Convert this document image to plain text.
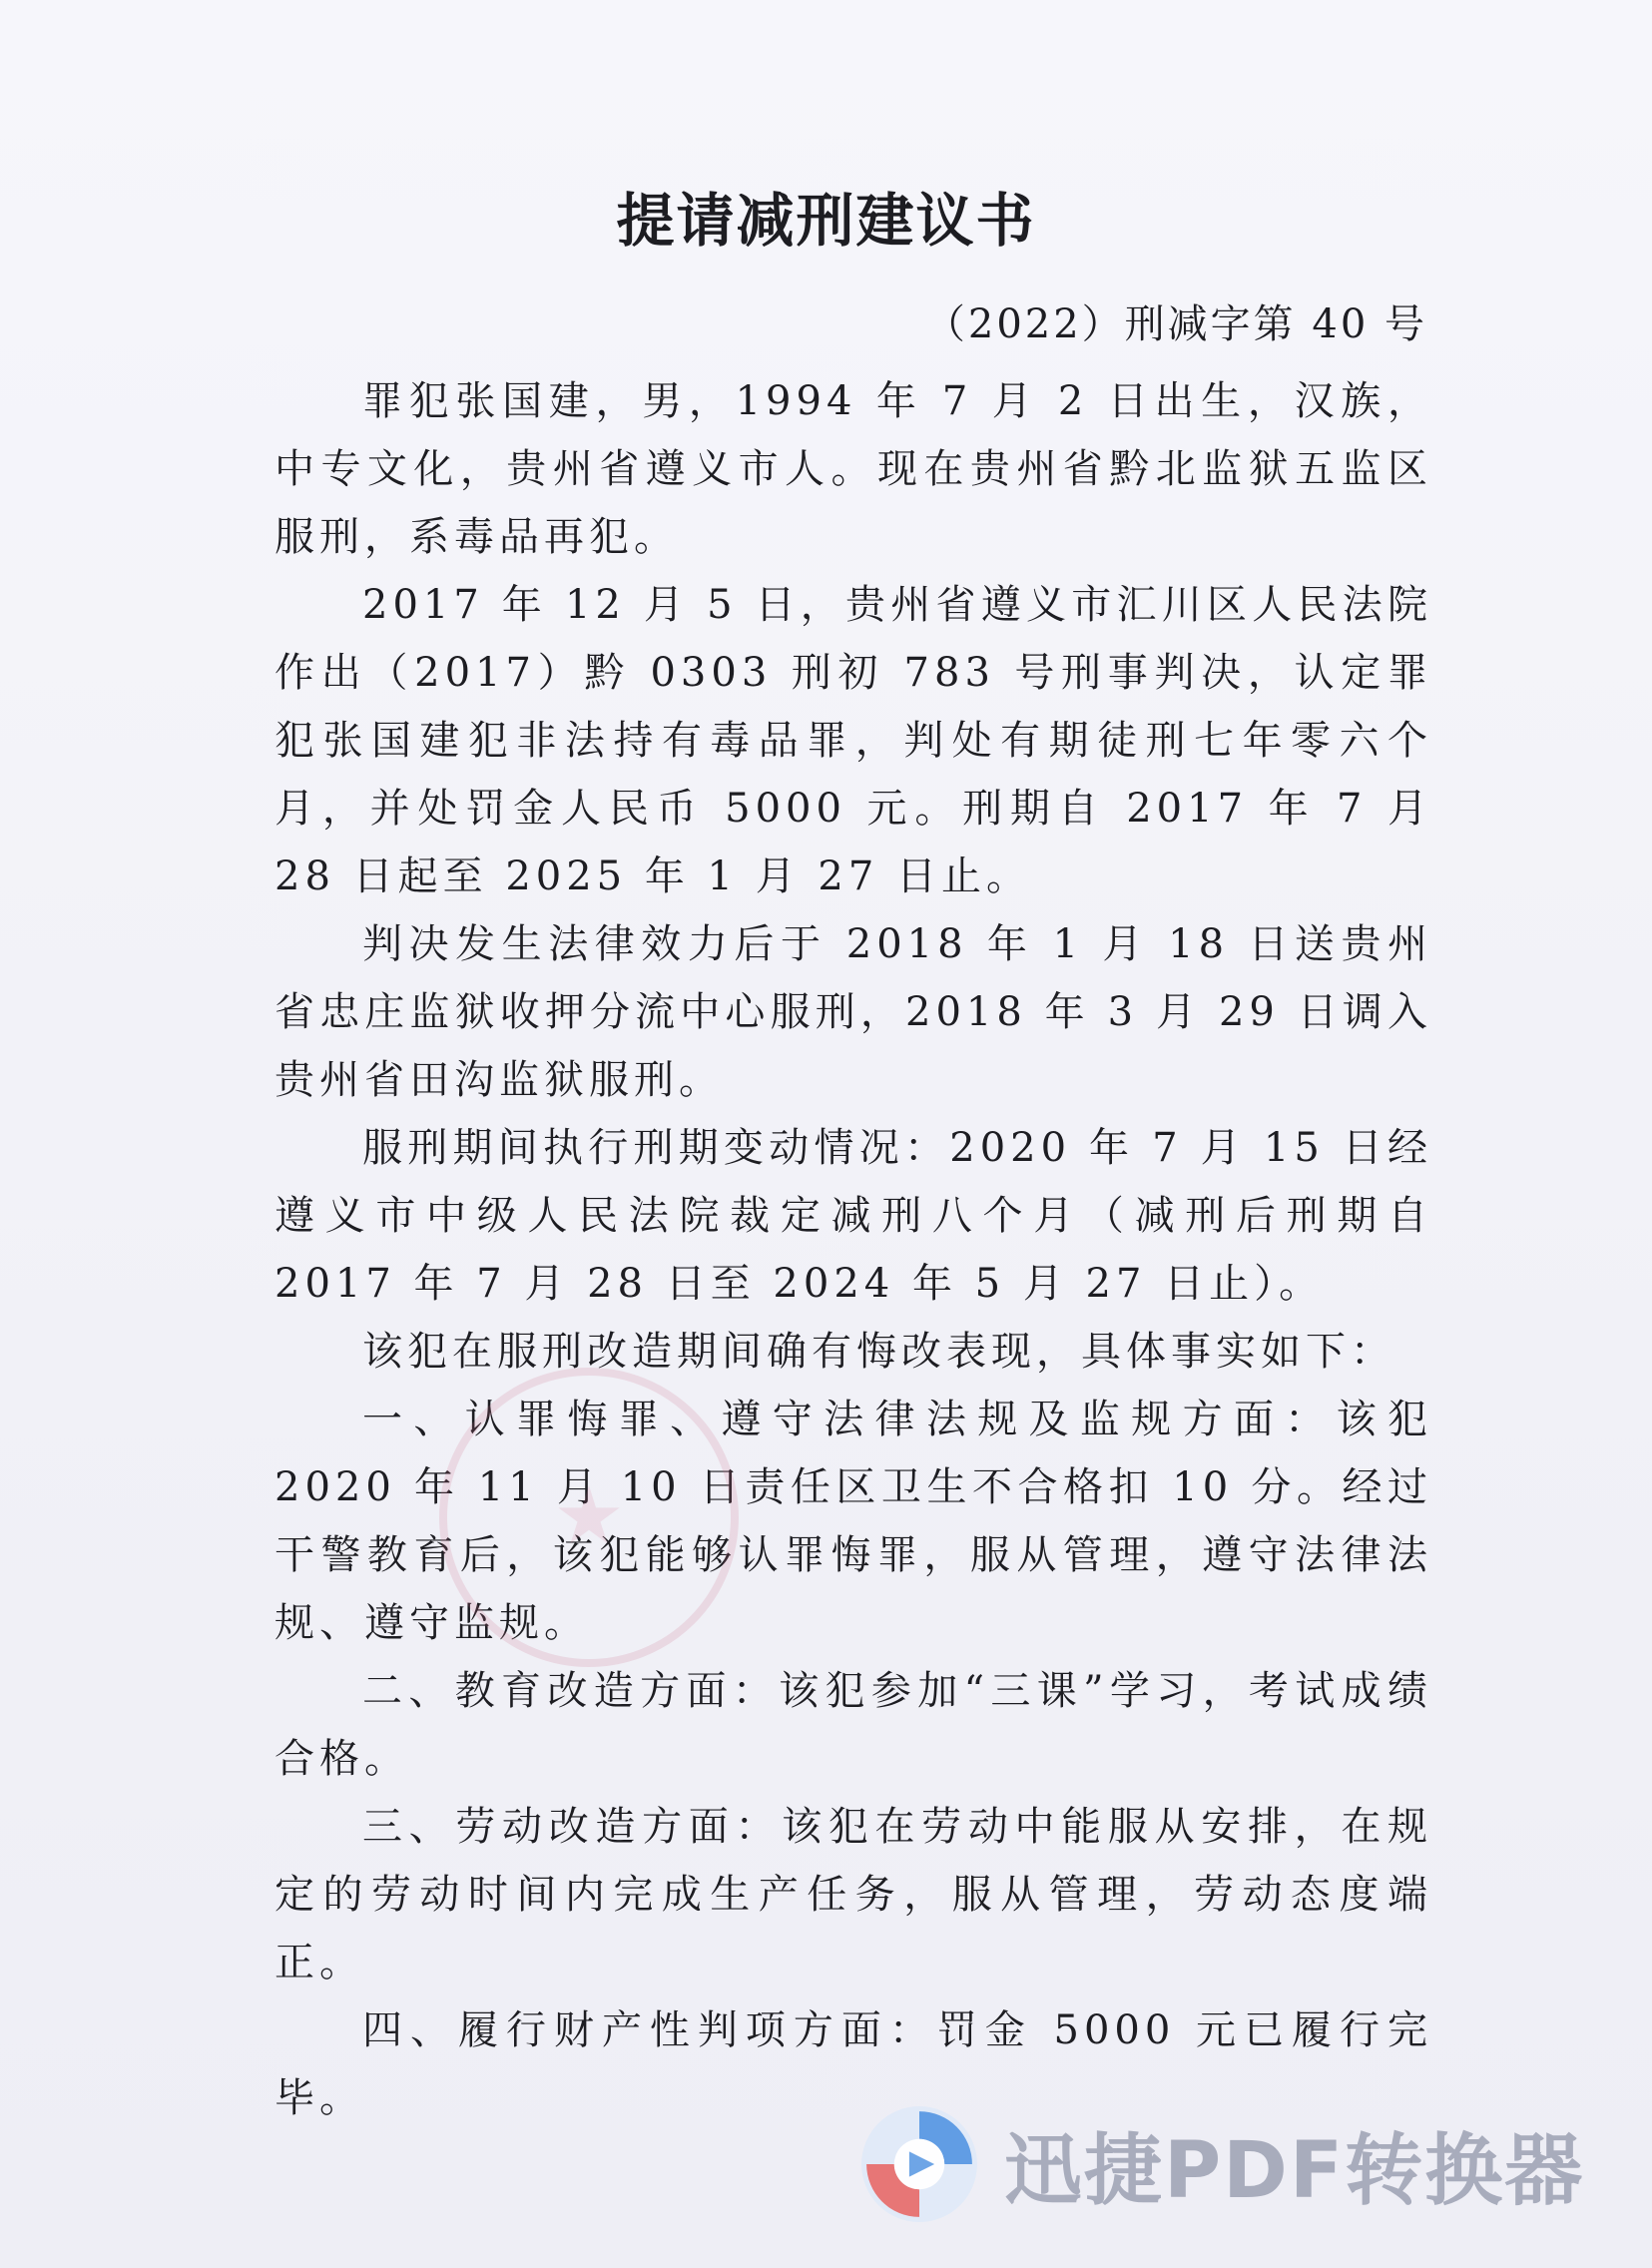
提请减刑建议书
（2022）刑减字第 40 号

罪犯张国建，男，1994 年 7 月 2 日出生，汉族，中专文化，贵州省遵义市人。现在贵州省黔北监狱五监区服刑，系毒品再犯。

2017 年 12 月 5 日，贵州省遵义市汇川区人民法院作出（2017）黔 0303 刑初 783 号刑事判决，认定罪犯张国建犯非法持有毒品罪，判处有期徒刑七年零六个月，并处罚金人民币 5000 元。刑期自 2017 年 7 月 28 日起至 2025 年 1 月 27 日止。

判决发生法律效力后于 2018 年 1 月 18 日送贵州省忠庄监狱收押分流中心服刑，2018 年 3 月 29 日调入贵州省田沟监狱服刑。

服刑期间执行刑期变动情况：2020 年 7 月 15 日经遵义市中级人民法院裁定减刑八个月（减刑后刑期自 2017 年 7 月 28 日至 2024 年 5 月 27 日止）。

该犯在服刑改造期间确有悔改表现，具体事实如下：

一、认罪悔罪、遵守法律法规及监规方面：该犯 2020 年 11 月 10 日责任区卫生不合格扣 10 分。经过干警教育后，该犯能够认罪悔罪，服从管理，遵守法律法规、遵守监规。

二、教育改造方面：该犯参加“三课”学习，考试成绩合格。

三、劳动改造方面：该犯在劳动中能服从安排，在规定的劳动时间内完成生产任务，服从管理，劳动态度端正。

四、履行财产性判项方面：罚金 5000 元已履行完毕。

迅捷PDF转换器
